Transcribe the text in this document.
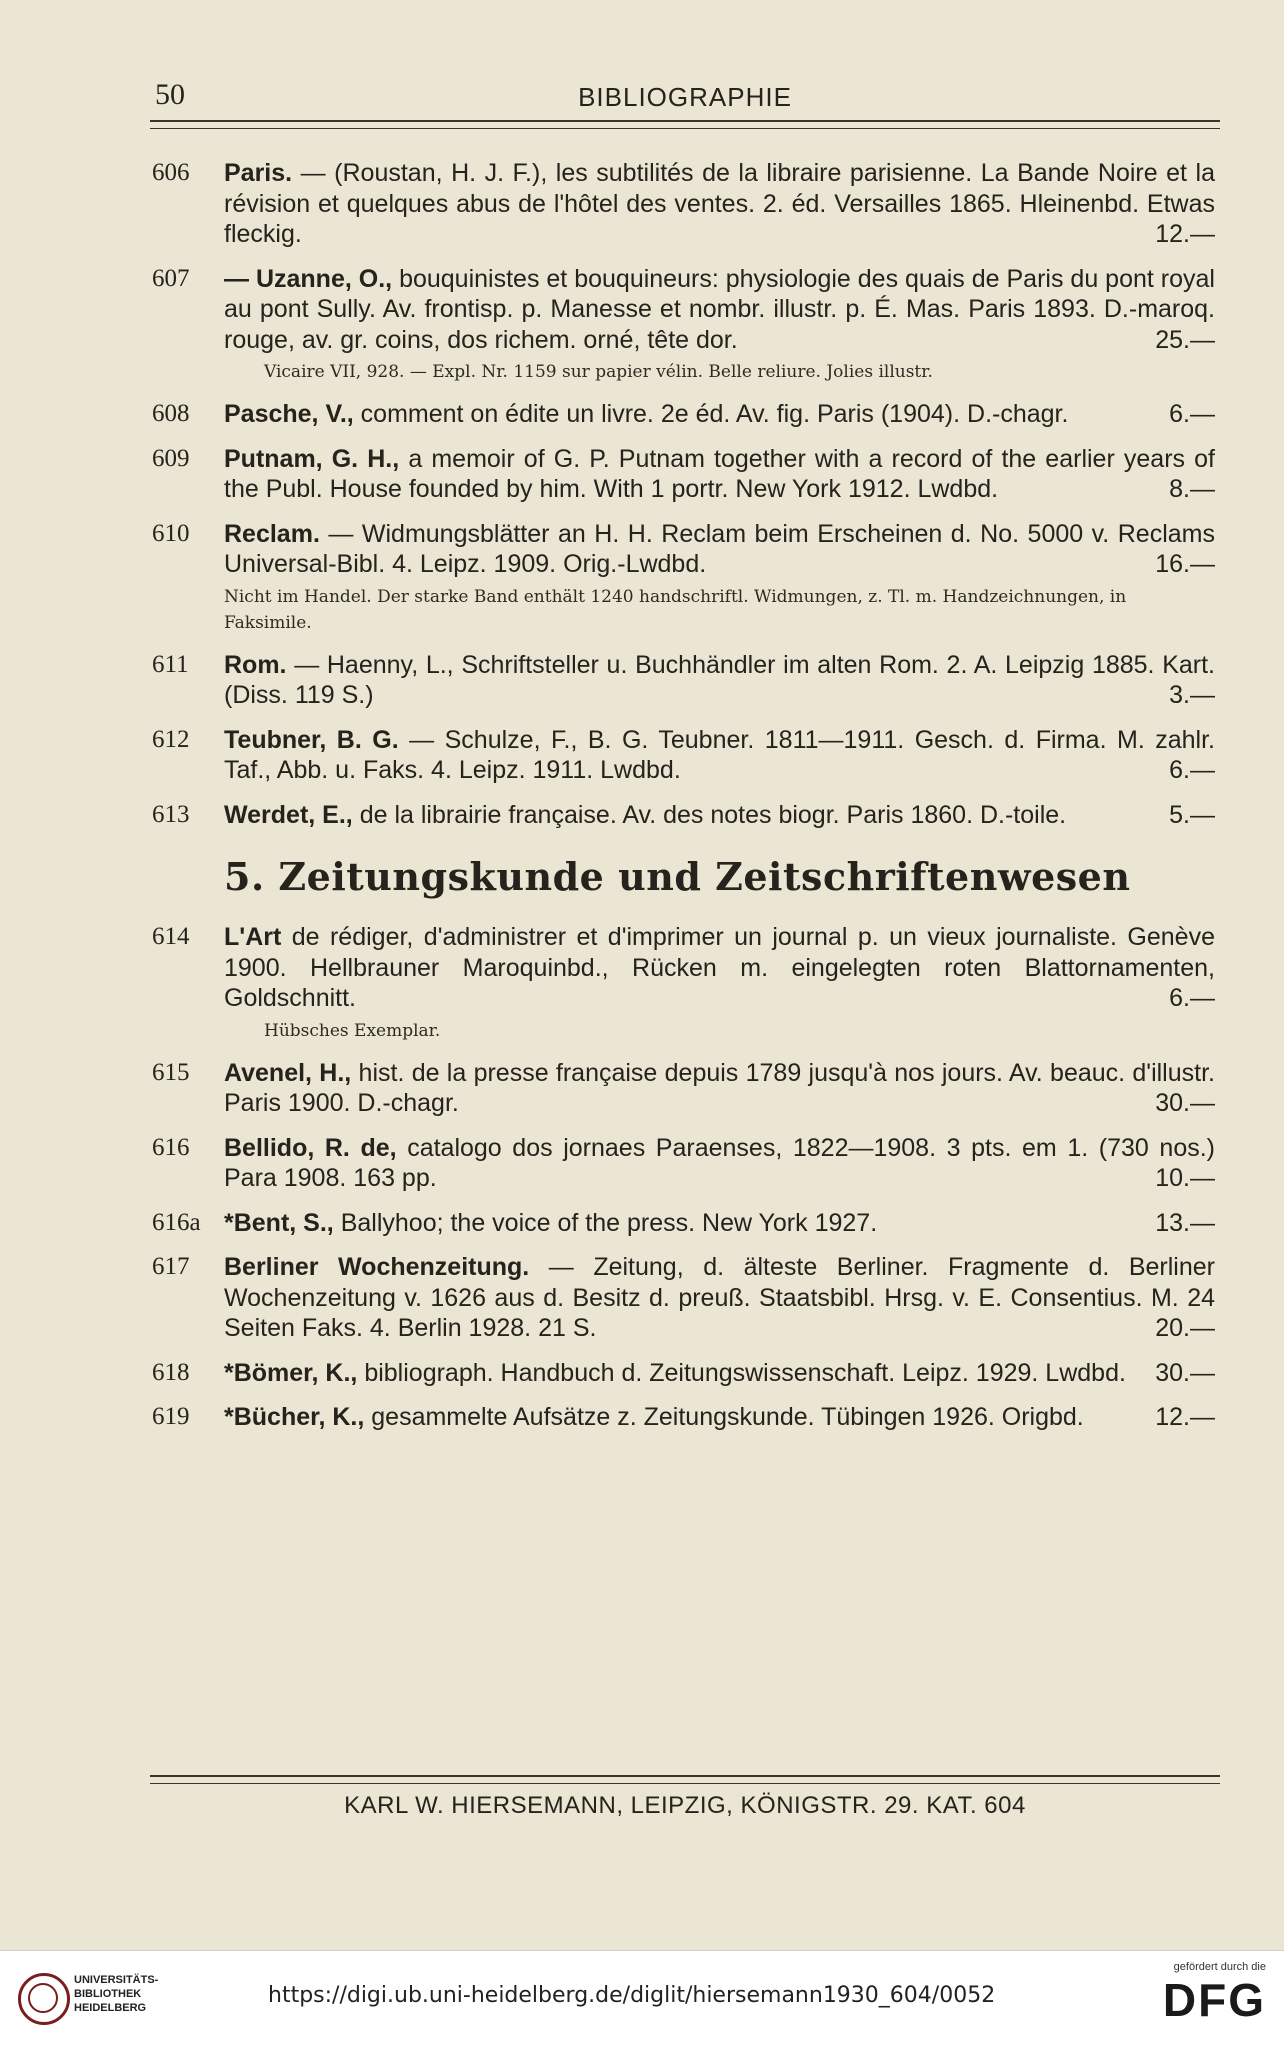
50	BIBLIOGRAPHIE
606 Paris. — (Roustan, H. J. F.), les subtilités de la libraire parisienne. La Bande Noire et la révision et quelques abus de l'hôtel des ventes. 2. éd. Versailles 1865. Hleinenbd. Etwas fleckig.	12.—
607 — Uzanne, O., bouquinistes et bouquineurs: physiologie des quais de Paris du pont royal au pont Sully. Av. frontisp. p. Manesse et nombr. illustr. p. É. Mas. Paris 1893. D.-maroq. rouge, av. gr. coins, dos richem. orné, tête dor.	25.—
Vicaire VII, 928. — Expl. Nr. 1159 sur papier vélin. Belle reliure. Jolies illustr.
608 Pasche, V., comment on édite un livre. 2e éd. Av. fig. Paris (1904). D.-chagr.	6.—
609 Putnam, G. H., a memoir of G. P. Putnam together with a record of the earlier years of the Publ. House founded by him. With 1 portr. New York 1912. Lwdbd.	8.—
610 Reclam. — Widmungsblätter an H. H. Reclam beim Erscheinen d. No. 5000 v. Reclams Universal-Bibl. 4. Leipz. 1909. Orig.-Lwdbd.	16.—
Nicht im Handel. Der starke Band enthält 1240 handschriftl. Widmungen, z. Tl. m. Handzeichnungen, in Faksimile.
611 Rom. — Haenny, L., Schriftsteller u. Buchhändler im alten Rom. 2. A. Leipzig 1885. Kart. (Diss. 119 S.)	3.—
612 Teubner, B. G. — Schulze, F., B. G. Teubner. 1811—1911. Gesch. d. Firma. M. zahlr. Taf., Abb. u. Faks. 4. Leipz. 1911. Lwdbd.	6.—
613 Werdet, E., de la librairie française. Av. des notes biogr. Paris 1860. D.-toile.	5.—
5. Zeitungskunde und Zeitschriftenwesen
614 L'Art de rédiger, d'administrer et d'imprimer un journal p. un vieux journaliste. Genève 1900. Hellbrauner Maroquinbd., Rücken m. eingelegten roten Blattornamenten, Goldschnitt.	6.—
Hübsches Exemplar.
615 Avenel, H., hist. de la presse française depuis 1789 jusqu'à nos jours. Av. beauc. d'illustr. Paris 1900. D.-chagr.	30.—
616 Bellido, R. de, catalogo dos jornaes Paraenses, 1822—1908. 3 pts. em 1. (730 nos.) Para 1908. 163 pp.	10.—
616a *Bent, S., Ballyhoo; the voice of the press. New York 1927.	13.—
617 Berliner Wochenzeitung. — Zeitung, d. älteste Berliner. Fragmente d. Berliner Wochenzeitung v. 1626 aus d. Besitz d. preuß. Staatsbibl. Hrsg. v. E. Consentius. M. 24 Seiten Faks. 4. Berlin 1928. 21 S.	20.—
618 *Bömer, K., bibliograph. Handbuch d. Zeitungswissenschaft. Leipz. 1929. Lwdbd.	30.—
619 *Bücher, K., gesammelte Aufsätze z. Zeitungskunde. Tübingen 1926. Origbd.	12.—
KARL W. HIERSEMANN, LEIPZIG, KÖNIGSTR. 29. KAT. 604
UNIVERSITÄTS-
BIBLIOTHEK
HEIDELBERG	https://digi.ub.uni-heidelberg.de/diglit/hiersemann1930_604/0052
gefördert durch die
DFG
